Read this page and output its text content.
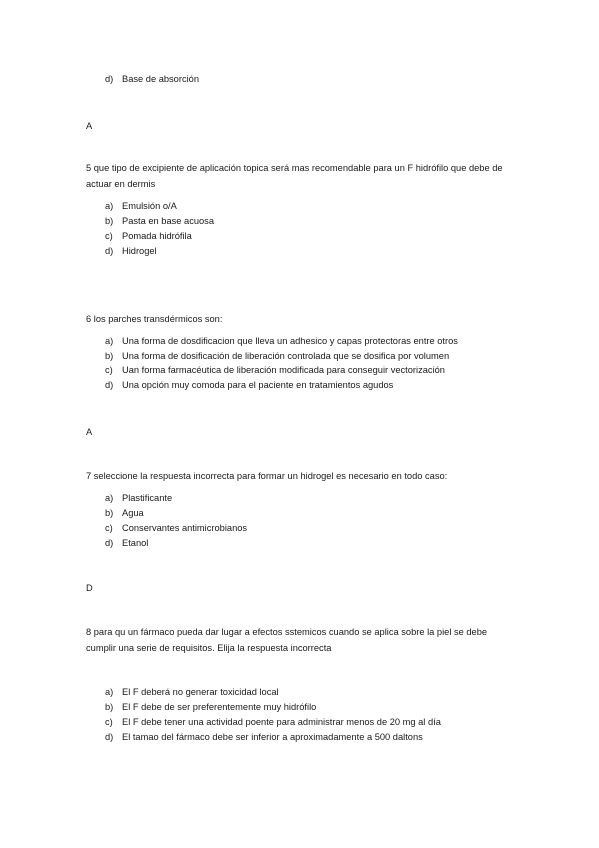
d) Base de absorción
A
5 que tipo de excipiente de aplicación topica será mas recomendable para un F hidrófilo que debe de actuar en dermis
a) Emulsión o/A
b) Pasta en base acuosa
c) Pomada hidrófila
d) Hidrogel
6 los parches transdérmicos son:
a) Una forma de dosdificacion que lleva un adhesico y capas protectoras entre otros
b) Una forma de dosificación de liberación controlada que se dosifica por volumen
c) Uan forma farmacéutica de liberación modificada para conseguir vectorización
d) Una opción muy comoda para el paciente en tratamientos agudos
A
7 seleccione la respuesta incorrecta para formar un hidrogel es necesario en todo caso:
a) Plastificante
b) Agua
c) Conservantes antimicrobianos
d) Etanol
D
8 para qu un fármaco pueda dar lugar a efectos sstemicos cuando se aplica sobre la piel se debe cumplir una serie de requisitos. Elija la respuesta incorrecta
a) El F deberá no generar toxicidad local
b) El F debe de ser preferentemente muy hidrófilo
c) El F debe tener una actividad poente para administrar menos de 20 mg al día
d) El tamao del fármaco debe ser inferior a aproximadamente a 500 daltons
